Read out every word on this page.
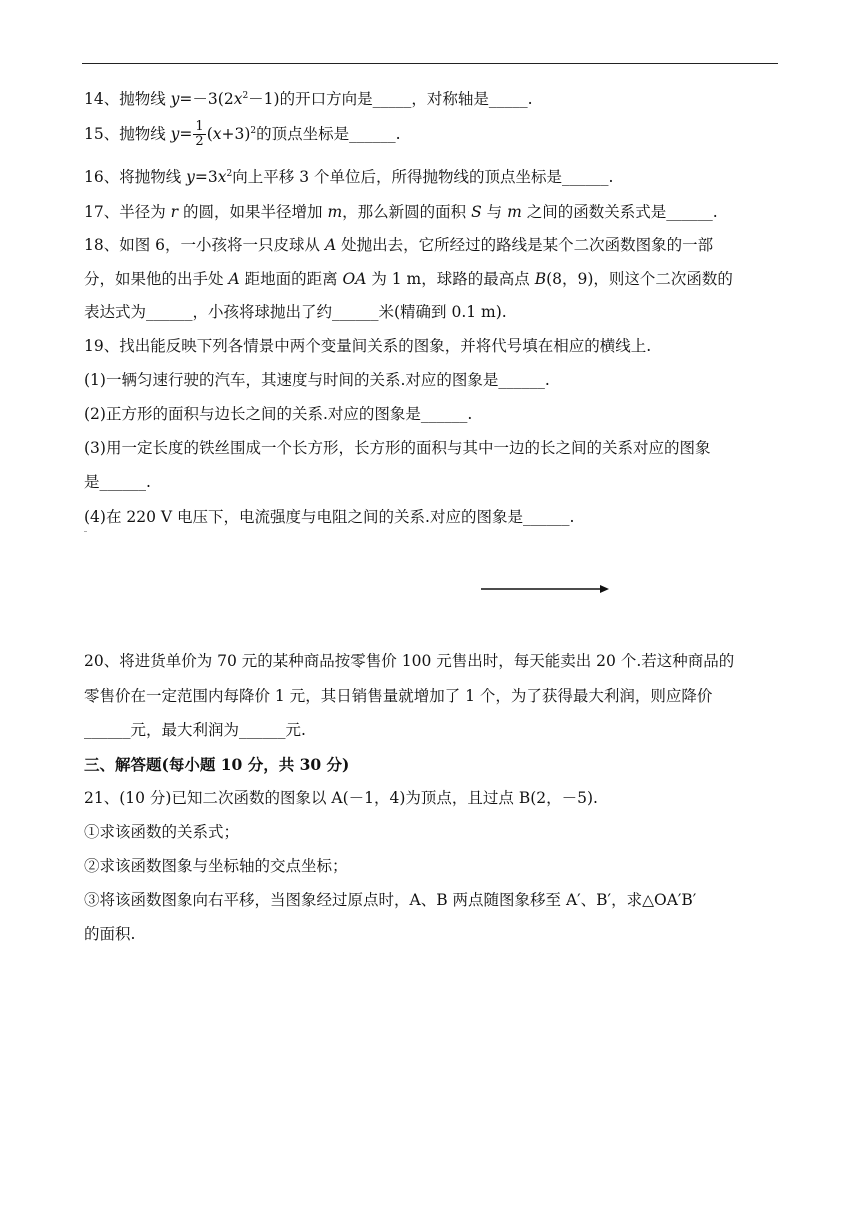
14、抛物线 $y=-3(2x^2-1)$的开口方向是_____，对称轴是_____.
15、抛物线 $y= \frac{1}{2} (x+3)^2$的顶点坐标是______.
16、将抛物线 $y=3x^2$向上平移 3 个单位后，所得抛物线的顶点坐标是______.
17、半径为 r 的圆，如果半径增加 m，那么新圆的面积 S 与 m 之间的函数关系式是______.
18、如图 6，一小孩将一只皮球从 A 处抛出去，它所经过的路线是某个二次函数图象的一部
分，如果他的出手处 A 距地面的距离 OA 为 1 m，球路的最高点 B(8，9)，则这个二次函数的
表达式为______，小孩将球抛出了约______米(精确到 0.1 m).
19、找出能反映下列各情景中两个变量间关系的图象，并将代号填在相应的横线上.
(1)一辆匀速行驶的汽车，其速度与时间的关系.对应的图象是______.
(2)正方形的面积与边长之间的关系.对应的图象是______.
(3)用一定长度的铁丝围成一个长方形，长方形的面积与其中一边的长之间的关系对应的图象
是______.
(4)在 220 V 电压下，电流强度与电阻之间的关系.对应的图象是______.
20、将进货单价为 70 元的某种商品按零售价 100 元售出时，每天能卖出 20 个.若这种商品的
零售价在一定范围内每降价 1 元，其日销售量就增加了 1 个，为了获得最大利润，则应降价
______元，最大利润为______元.
三、解答题(每小题 10 分，共 30 分)
21、(10 分)已知二次函数的图象以 A(－1，4)为顶点，且过点 B(2，－5).
①求该函数的关系式；
②求该函数图象与坐标轴的交点坐标；
③将该函数图象向右平移，当图象经过原点时，A、B 两点随图象移至 A′、B′，求△OA′B′
的面积.
